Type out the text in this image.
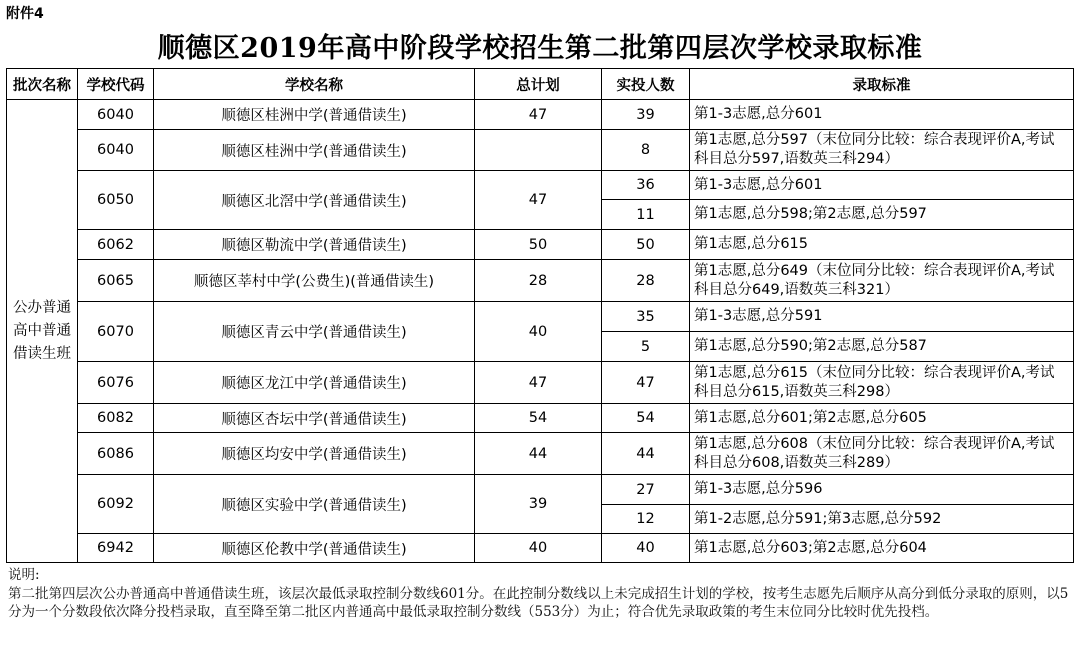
附件4
顺德区2019年高中阶段学校招生第二批第四层次学校录取标准
批次名称	学校代码	学校名称	总计划	实投人数	录取标准
公办普通高中普通借读生班	6040	顺德区桂洲中学(普通借读生)	47	39	第1-3志愿,总分601
	6040	顺德区桂洲中学(普通借读生)		8	第1志愿,总分597（末位同分比较：综合表现评价A,考试科目总分597,语数英三科294）
	6050	顺德区北滘中学(普通借读生)	47	36	第1-3志愿,总分601
				11	第1志愿,总分598;第2志愿,总分597
	6062	顺德区勒流中学(普通借读生)	50	50	第1志愿,总分615
	6065	顺德区莘村中学(公费生)(普通借读生)	28	28	第1志愿,总分649（末位同分比较：综合表现评价A,考试科目总分649,语数英三科321）
	6070	顺德区青云中学(普通借读生)	40	35	第1-3志愿,总分591
				5	第1志愿,总分590;第2志愿,总分587
	6076	顺德区龙江中学(普通借读生)	47	47	第1志愿,总分615（末位同分比较：综合表现评价A,考试科目总分615,语数英三科298）
	6082	顺德区杏坛中学(普通借读生)	54	54	第1志愿,总分601;第2志愿,总分605
	6086	顺德区均安中学(普通借读生)	44	44	第1志愿,总分608（末位同分比较：综合表现评价A,考试科目总分608,语数英三科289）
	6092	顺德区实验中学(普通借读生)	39	27	第1-3志愿,总分596
				12	第1-2志愿,总分591;第3志愿,总分592
	6942	顺德区伦教中学(普通借读生)	40	40	第1志愿,总分603;第2志愿,总分604

说明:

第二批第四层次公办普通高中普通借读生班，该层次最低录取控制分数线601分。在此控制分数线以上未完成招生计划的学校，按考生志愿先后顺序从高分到低分录取的原则，以5分为一个分数段依次降分投档录取，直至降至第二批区内普通高中最低录取控制分数线（553分）为止；符合优先录取政策的考生末位同分比较时优先投档。
